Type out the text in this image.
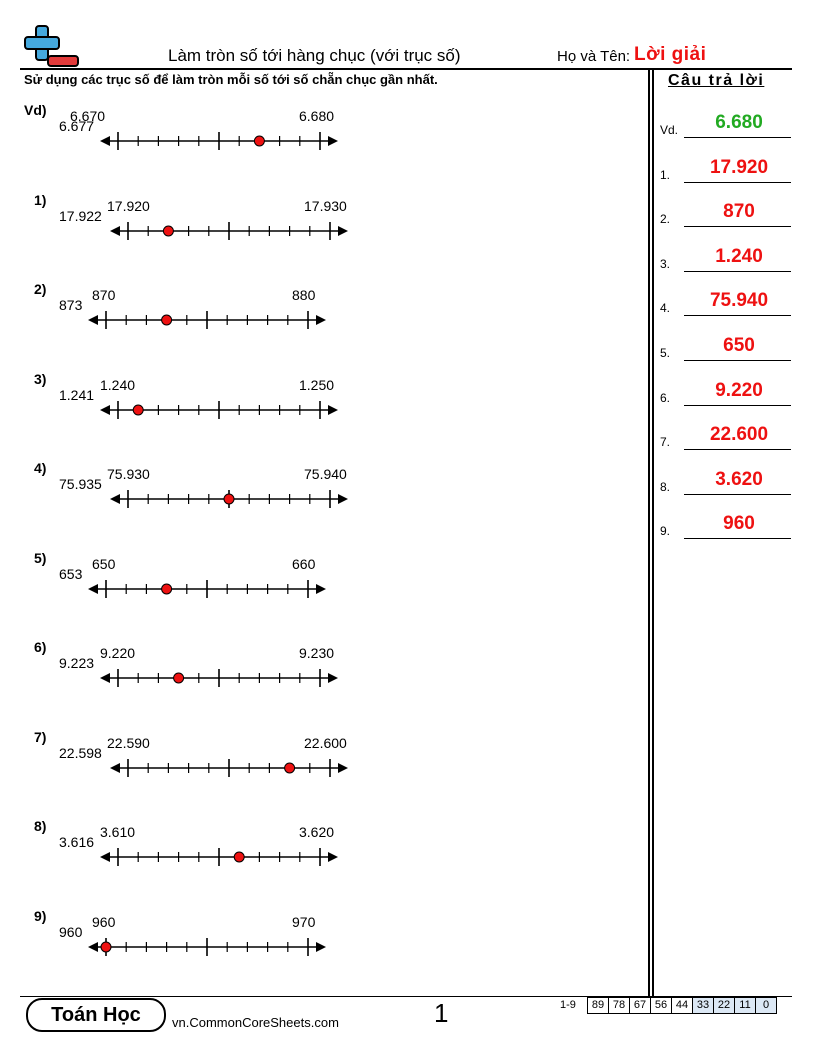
Làm tròn số tới hàng chục (với trục số)	Họ và Tên: Lời giải
Sử dụng các trục số để làm tròn mỗi số tới số chẵn chục gần nhất.	Câu trả lời
Vd)
6.677
6.670	6.680
1)
17.922
17.920	17.930
2)
873
870	880
3)
1.241
1.240	1.250
4)
75.935
75.930	75.940
5)
653
650	660
6)
9.223
9.220	9.230
7)
22.598
22.590	22.600
8)
3.616
3.610	3.620
9)
960
960	970
Vd.	6.680
1.	17.920
2.	870
3.	1.240
4.	75.940
5.	650
6.	9.220
7.	22.600
8.	3.620
9.	960
Toán Học	vn.CommonCoreSheets.com	1	1-9	89 78 67 56 44 33 22 11	0
